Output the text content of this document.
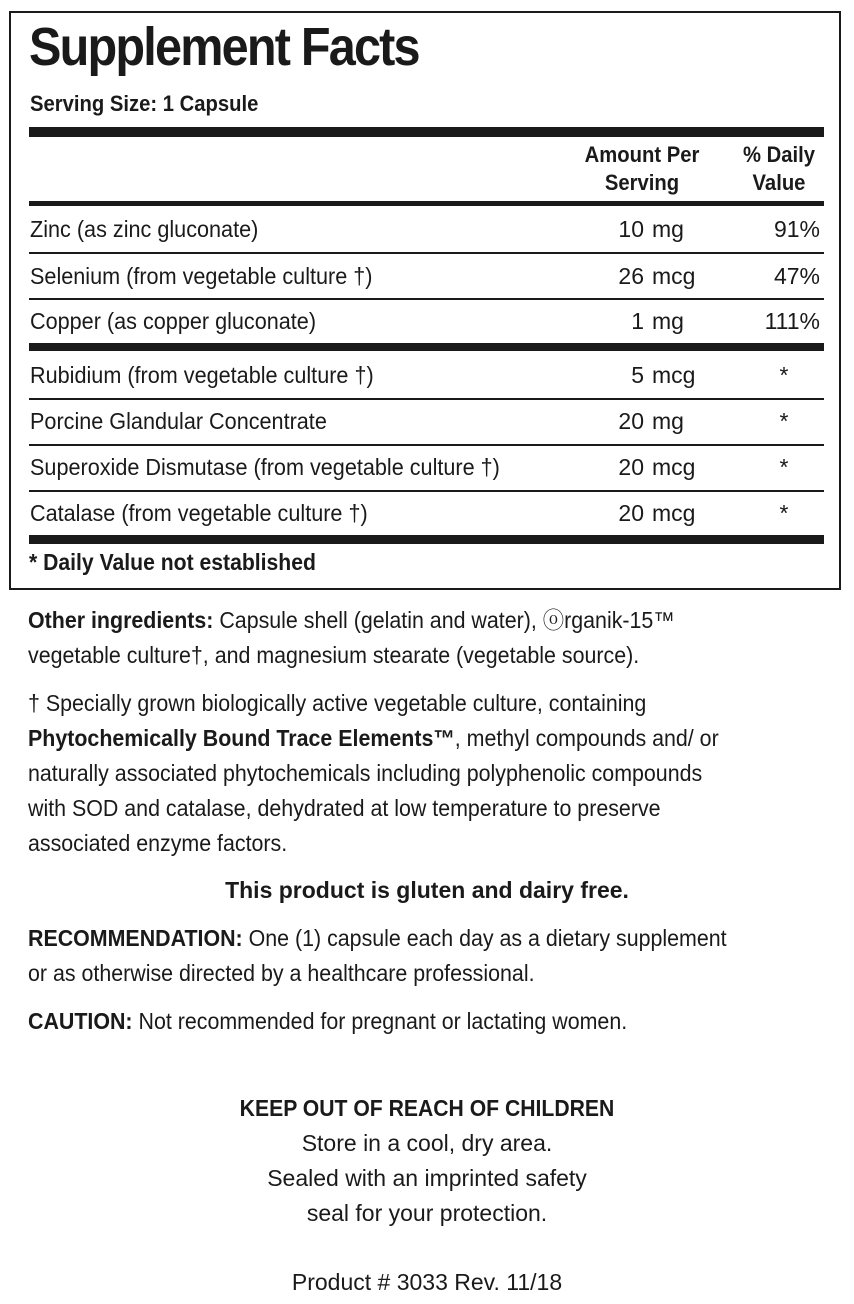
Supplement Facts
Serving Size: 1 Capsule
Amount Per
Serving
% Daily
Value
Zinc (as zinc gluconate)	10 mg	91%
Selenium (from vegetable culture †)	26 mcg	47%
Copper (as copper gluconate)	1 mg	111%
Rubidium (from vegetable culture †)	5 mcg	*
Porcine Glandular Concentrate	20 mg	*
Superoxide Dismutase (from vegetable culture †)	20 mcg	*
Catalase (from vegetable culture †)	20 mcg	*
* Daily Value not established

Other ingredients: Capsule shell (gelatin and water), ⓞrganik-15™
vegetable culture†, and magnesium stearate (vegetable source).

† Specially grown biologically active vegetable culture, containing
Phytochemically Bound Trace Elements™, methyl compounds and/ or
naturally associated phytochemicals including polyphenolic compounds
with SOD and catalase, dehydrated at low temperature to preserve
associated enzyme factors.

This product is gluten and dairy free.

RECOMMENDATION: One (1) capsule each day as a dietary supplement
or as otherwise directed by a healthcare professional.

CAUTION: Not recommended for pregnant or lactating women.

KEEP OUT OF REACH OF CHILDREN

Store in a cool, dry area.

Sealed with an imprinted safety

seal for your protection.

Product # 3033 Rev. 11/18
